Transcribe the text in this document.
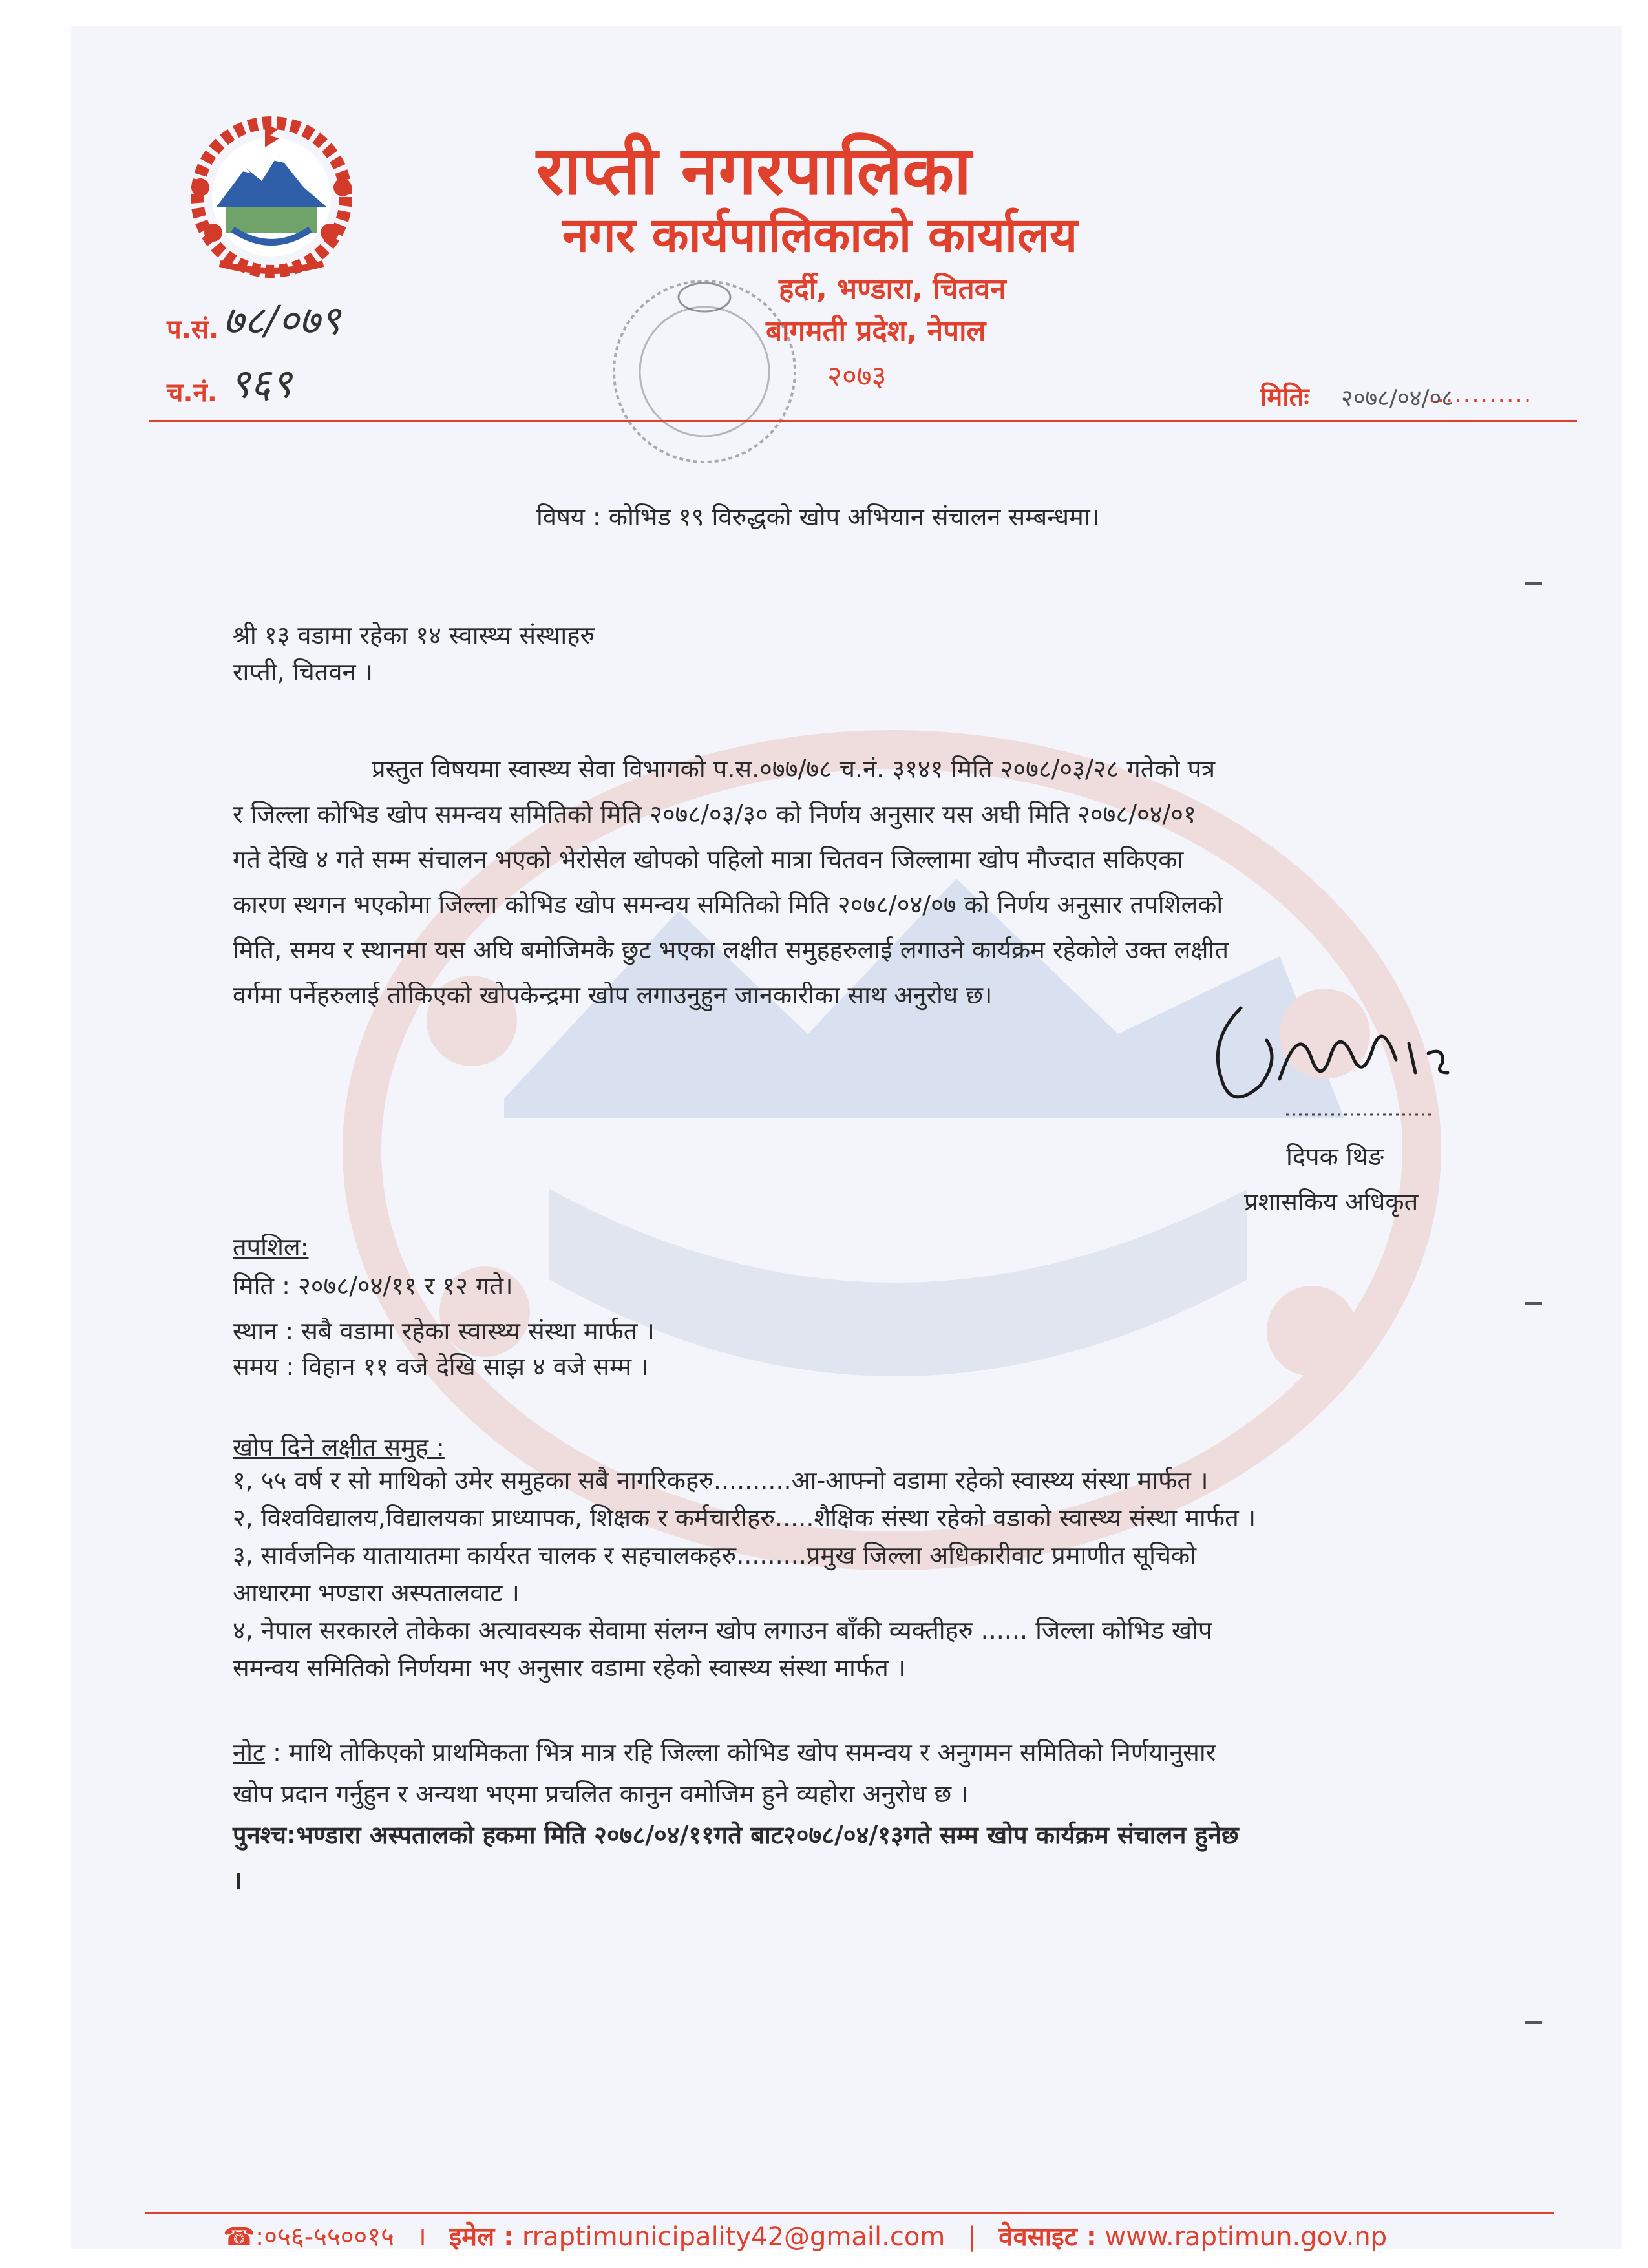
राप्ती नगरपालिका
नगर कार्यपालिकाको कार्यालय
हर्दी, भण्डारा, चितवन
बागमती प्रदेश, नेपाल
२०७३
प.सं. ७८/०७९
च.नं. ९६९	मितिः २०७८/०४/०८
............
विषय : कोभिड १९ विरुद्धको खोप अभियान संचालन सम्बन्धमा।
श्री १३ वडामा रहेका १४ स्वास्थ्य संस्थाहरु
राप्ती, चितवन ।
प्रस्तुत विषयमा स्वास्थ्य सेवा विभागको प.स.०७७/७८ च.नं. ३१४१ मिति २०७८/०३/२८ गतेको पत्र
र जिल्ला कोभिड खोप समन्वय समितिको मिति २०७८/०३/३० को निर्णय अनुसार यस अघी मिति २०७८/०४/०१
गते देखि ४ गते सम्म संचालन भएको भेरोसेल खोपको पहिलो मात्रा चितवन जिल्लामा खोप मौज्दात सकिएका
कारण स्थगन भएकोमा जिल्ला कोभिड खोप समन्वय समितिको मिति २०७८/०४/०७ को निर्णय अनुसार तपशिलको
मिति, समय र स्थानमा यस अघि बमोजिमकै छुट भएका लक्षीत समुहहरुलाई लगाउने कार्यक्रम रहेकोले उक्त लक्षीत
वर्गमा पर्नेहरुलाई तोकिएको खोपकेन्द्रमा खोप लगाउनुहुन जानकारीका साथ अनुरोध छ।
दिपक थिङ
प्रशासकिय अधिकृत
तपशिल:
मिति : २०७८/०४/११ र १२ गते।
स्थान : सबै वडामा रहेका स्वास्थ्य संस्था मार्फत ।
समय : विहान ११ वजे देखि साझ ४ वजे सम्म ।
खोप दिने लक्षीत समुह :
१, ५५ वर्ष र सो माथिको उमेर समुहका सबै नागरिकहरु..........आ-आफ्नो वडामा रहेको स्वास्थ्य संस्था मार्फत ।
२, विश्वविद्यालय,विद्यालयका प्राध्यापक, शिक्षक र कर्मचारीहरु.....शैक्षिक संस्था रहेको वडाको स्वास्थ्य संस्था मार्फत ।
३, सार्वजनिक यातायातमा कार्यरत चालक र सहचालकहरु.........प्रमुख जिल्ला अधिकारीवाट प्रमाणीत सूचिको
आधारमा भण्डारा अस्पतालवाट ।
४, नेपाल सरकारले तोकेका अत्यावस्यक सेवामा संलग्न खोप लगाउन बाँकी व्यक्तीहरु ...... जिल्ला कोभिड खोप
समन्वय समितिको निर्णयमा भए अनुसार वडामा रहेको स्वास्थ्य संस्था मार्फत ।
नोट : माथि तोकिएको प्राथमिकता भित्र मात्र रहि जिल्ला कोभिड खोप समन्वय र अनुगमन समितिको निर्णयानुसार
खोप प्रदान गर्नुहुन र अन्यथा भएमा प्रचलित कानुन वमोजिम हुने व्यहोरा अनुरोध छ ।
पुनश्च:भण्डारा अस्पतालको हकमा मिति २०७८/०४/११गते बाट२०७८/०४/१३गते सम्म खोप कार्यक्रम संचालन हुनेछ
।
☎:०५६-५५००१५ । इमेल : rraptimunicipality42@gmail.com | वेवसाइट : www.raptimun.gov.np
